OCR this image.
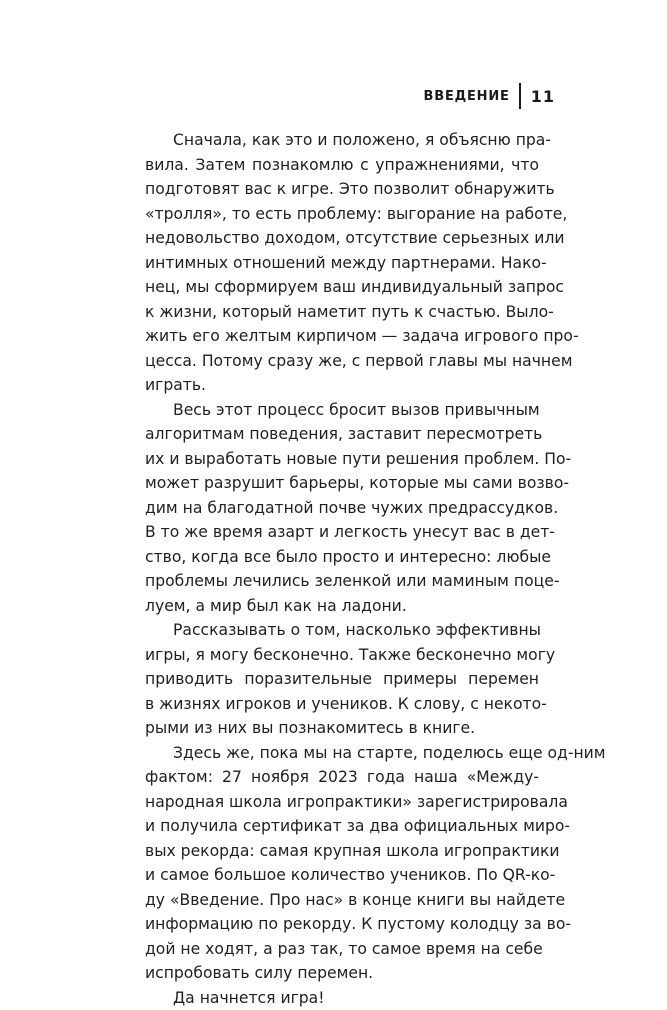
ВВЕДЕНИЕ 11

Сначала, как это и положено, я объясню пра-
вила. Затем познакомлю с упражнениями, что
подготовят вас к игре. Это позволит обнаружить
«тролля», то есть проблему: выгорание на работе,
недовольство доходом, отсутствие серьезных или
интимных отношений между партнерами. Нако-
нец, мы сформируем ваш индивидуальный запрос
к жизни, который наметит путь к счастью. Выло-
жить его желтым кирпичом — задача игрового про-
цесса. Потому сразу же, с первой главы мы начнем
играть.

Весь этот процесс бросит вызов привычным
алгоритмам поведения, заставит пересмотреть
их и выработать новые пути решения проблем. По-
может разрушит барьеры, которые мы сами возво-
дим на благодатной почве чужих предрассудков.
В то же время азарт и легкость унесут вас в дет-
ство, когда все было просто и интересно: любые
проблемы лечились зеленкой или маминым поце-
луем, а мир был как на ладони.

Рассказывать о том, насколько эффективны
игры, я могу бесконечно. Также бесконечно могу
приводить поразительные примеры перемен
в жизнях игроков и учеников. К слову, с некото-
рыми из них вы познакомитесь в книге.

Здесь же, пока мы на старте, поделюсь еще од-ним
фактом: 27 ноября 2023 года наша «Между-
народная школа игропрактики» зарегистрировала
и получила сертификат за два официальных миро-
вых рекорда: самая крупная школа игропрактики
и самое большое количество учеников. По QR-ко-
ду «Введение. Про нас» в конце книги вы найдете
информацию по рекорду. К пустому колодцу за во-
дой не ходят, а раз так, то самое время на себе
испробовать силу перемен.

Да начнется игра!
